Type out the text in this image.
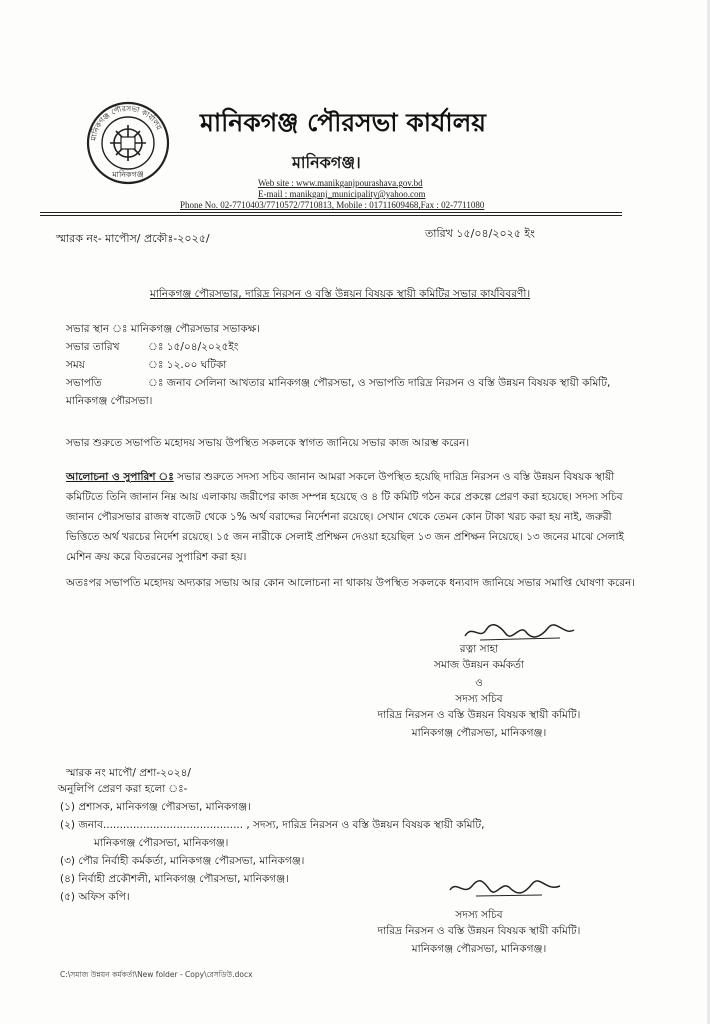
মানিকগঞ্জ পৌরসভা কার্যালয়
মানিকগঞ্জ
মানিকগঞ্জ পৌরসভা কার্যালয়
মানিকগঞ্জ।
Web site : www.manikganjpourashava.gov.bd
E-mail : manikganj_municipality@yahoo.com
Phone No. 02-7710403/7710572/7710813, Mobile : 01711609468,Fax : 02-7711080
স্মারক নং- মাপৌস/ প্রকৌঃ-২০২৫/	তারিখ ১৫/০৪/২০২৫ ইং
মানিকগঞ্জ পৌরসভার, দারিদ্র নিরসন ও বস্তি উন্নয়ন বিষয়ক স্থায়ী কমিটির সভার কার্যবিবরণী।
সভার স্থান ঃ মানিকগঞ্জ পৌরসভার সভাকক্ষ।
সভার তারিখ	ঃ ১৫/০৪/২০২৫ইং
সময়	ঃ ১২.০০ ঘটিকা
সভাপতি	ঃ জনাব সেলিনা আখতার মানিকগঞ্জ পৌরসভা, ও সভাপতি দারিদ্র নিরসন ও বস্তি উন্নয়ন বিষয়ক স্থায়ী কমিটি,
মানিকগঞ্জ পৌরসভা।
সভার শুরুতে সভাপতি মহোদয় সভায় উপস্থিত সকলকে স্বাগত জানিয়ে সভার কাজ আরম্ভ করেন।
আলোচনা ও সুপারিশ ঃ সভার শুরুতে সদস্য সচিব জানান আমরা সকলে উপস্থিত হয়েছি দারিদ্র নিরসন ও বস্তি উন্নয়ন বিষয়ক স্থায়ী
কমিটিতে তিনি জানান নিম্ন আয় এলাকায় জরীপের কাজ সম্পন্ন হয়েছে ও ৪ টি কমিটি গঠন করে প্রকল্পে প্রেরণ করা হয়েছে। সদস্য সচিব
জানান পৌরসভার রাজস্ব বাজেট থেকে ১% অর্থ বরাদ্দের নির্দেশনা রয়েছে। সেখান থেকে তেমন কোন টাকা খরচ করা হয় নাই, জরুরী
ভিত্তিতে অর্থ খরচের নির্দেশ রয়েছে। ১৫ জন নারীকে সেলাই প্রশিক্ষন দেওয়া হয়েছিল ১৩ জন প্রশিক্ষন নিয়েছে। ১৩ জনের মাঝে সেলাই
মেশিন ক্রয় করে বিতরনের সুপারিশ করা হয়।
অতঃপর সভাপতি মহোদয় অদ্যকার সভায় আর কোন আলোচনা না থাকায় উপস্থিত সকলকে ধন্যবাদ জানিয়ে সভার সমাপ্তি ঘোষণা করেন।
রত্না সাহা
সমাজ উন্নয়ন কর্মকর্তা
ও
সদস্য সচিব
দারিদ্র নিরসন ও বস্তি উন্নয়ন বিষয়ক স্থায়ী কমিটি।
মানিকগঞ্জ পৌরসভা, মানিকগঞ্জ।
স্মারক নং মাপৌ/ প্রশা-২০২৪/
অনুলিপি প্রেরণ করা হলো ঃ-
(১) প্রশাসক, মানিকগঞ্জ পৌরসভা, মানিকগঞ্জ।
(২) জনাব.......................................... , সদস্য, দারিদ্র নিরসন ও বস্তি উন্নয়ন বিষয়ক স্থায়ী কমিটি,
মানিকগঞ্জ পৌরসভা, মানিকগঞ্জ।
(৩) পৌর নির্বাহী কর্মকর্তা, মানিকগঞ্জ পৌরসভা, মানিকগঞ্জ।
(৪) নির্বাহী প্রকৌশলী, মানিকগঞ্জ পৌরসভা, মানিকগঞ্জ।
(৫) অফিস কপি।
সদস্য সচিব
দারিদ্র নিরসন ও বস্তি উন্নয়ন বিষয়ক স্থায়ী কমিটি।
মানিকগঞ্জ পৌরসভা, মানিকগঞ্জ।
C:\সমাজ উন্নয়ন কর্মকর্তা\New folder - Copy\রেসডিউ.docx
